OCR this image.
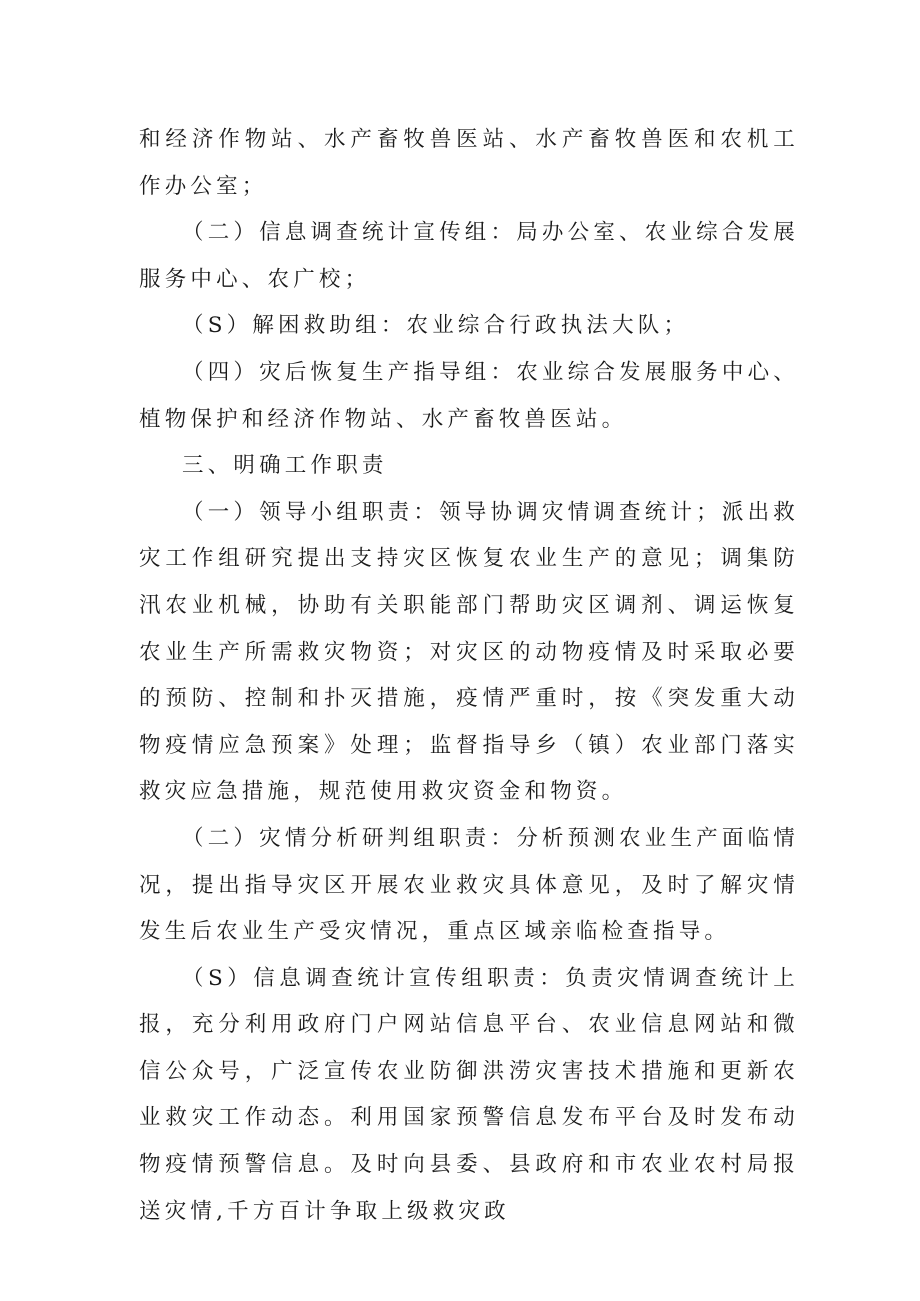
和经济作物站、水产畜牧兽医站、水产畜牧兽医和农机工作办公室；

（二）信息调查统计宣传组：局办公室、农业综合发展服务中心、农广校；

（S）解困救助组：农业综合行政执法大队；

（四）灾后恢复生产指导组：农业综合发展服务中心、植物保护和经济作物站、水产畜牧兽医站。

三、明确工作职责

（一）领导小组职责：领导协调灾情调查统计；派出救灾工作组研究提出支持灾区恢复农业生产的意见；调集防汛农业机械，协助有关职能部门帮助灾区调剂、调运恢复农业生产所需救灾物资；对灾区的动物疫情及时采取必要的预防、控制和扑灭措施，疫情严重时，按《突发重大动物疫情应急预案》处理；监督指导乡（镇）农业部门落实救灾应急措施，规范使用救灾资金和物资。

（二）灾情分析研判组职责：分析预测农业生产面临情况，提出指导灾区开展农业救灾具体意见，及时了解灾情发生后农业生产受灾情况，重点区域亲临检查指导。

（S）信息调查统计宣传组职责：负责灾情调查统计上报，充分利用政府门户网站信息平台、农业信息网站和微信公众号，广泛宣传农业防御洪涝灾害技术措施和更新农业救灾工作动态。利用国家预警信息发布平台及时发布动物疫情预警信息。及时向县委、县政府和市农业农村局报送灾情,千方百计争取上级救灾政
